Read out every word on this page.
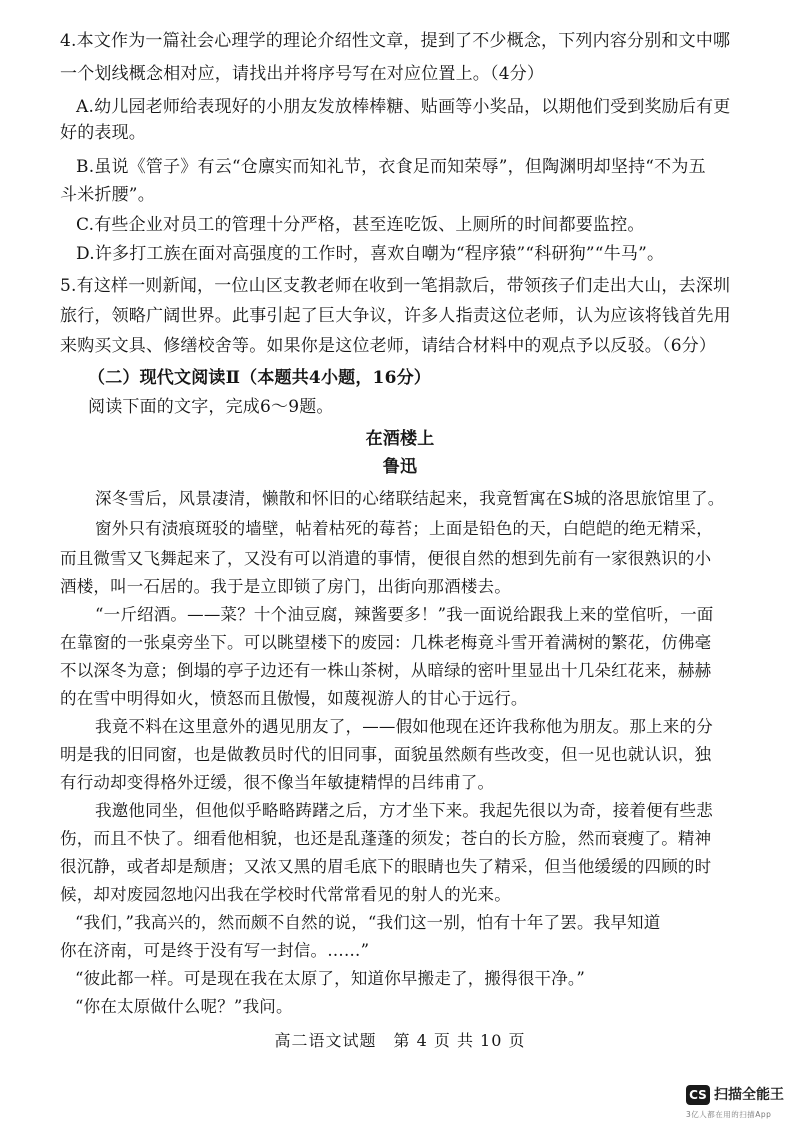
4.本文作为一篇社会心理学的理论介绍性文章，提到了不少概念，下列内容分别和文中哪
一个划线概念相对应，请找出并将序号写在对应位置上。（4分）
A.幼儿园老师给表现好的小朋友发放棒棒糖、贴画等小奖品，以期他们受到奖励后有更
好的表现。
B.虽说《管子》有云“仓廪实而知礼节，衣食足而知荣辱”，但陶渊明却坚持“不为五
斗米折腰”。
C.有些企业对员工的管理十分严格，甚至连吃饭、上厕所的时间都要监控。
D.许多打工族在面对高强度的工作时，喜欢自嘲为“程序猿”“科研狗”“牛马”。
5.有这样一则新闻，一位山区支教老师在收到一笔捐款后，带领孩子们走出大山，去深圳
旅行，领略广阔世界。此事引起了巨大争议，许多人指责这位老师，认为应该将钱首先用
来购买文具、修缮校舍等。如果你是这位老师，请结合材料中的观点予以反驳。（6分）
（二）现代文阅读Ⅱ（本题共4小题，16分）
阅读下面的文字，完成6～9题。
在酒楼上
鲁迅
深冬雪后，风景凄清，懒散和怀旧的心绪联结起来，我竟暂寓在S城的洛思旅馆里了。
窗外只有渍痕斑驳的墙壁，帖着枯死的莓苔；上面是铅色的天，白皑皑的绝无精采，
而且微雪又飞舞起来了，又没有可以消遣的事情，便很自然的想到先前有一家很熟识的小
酒楼，叫一石居的。我于是立即锁了房门，出街向那酒楼去。
“一斤绍酒。——菜？十个油豆腐，辣酱要多！”我一面说给跟我上来的堂倌听，一面
在靠窗的一张桌旁坐下。可以眺望楼下的废园：几株老梅竟斗雪开着满树的繁花，仿佛毫
不以深冬为意；倒塌的亭子边还有一株山茶树，从暗绿的密叶里显出十几朵红花来，赫赫
的在雪中明得如火，愤怒而且傲慢，如蔑视游人的甘心于远行。
我竟不料在这里意外的遇见朋友了，——假如他现在还许我称他为朋友。那上来的分
明是我的旧同窗，也是做教员时代的旧同事，面貌虽然颇有些改变，但一见也就认识，独
有行动却变得格外迂缓，很不像当年敏捷精悍的吕纬甫了。
我邀他同坐，但他似乎略略踌躇之后，方才坐下来。我起先很以为奇，接着便有些悲
伤，而且不快了。细看他相貌，也还是乱蓬蓬的须发；苍白的长方脸，然而衰瘦了。精神
很沉静，或者却是颓唐；又浓又黑的眉毛底下的眼睛也失了精采，但当他缓缓的四顾的时
候，却对废园忽地闪出我在学校时代常常看见的射人的光来。
“我们，”我高兴的，然而颇不自然的说，“我们这一别，怕有十年了罢。我早知道
你在济南，可是终于没有写一封信。……”
“彼此都一样。可是现在我在太原了，知道你早搬走了，搬得很干净。”
“你在太原做什么呢？”我问。
高二语文试题　第 4 页 共 10 页
CS 扫描全能王
3亿人都在用的扫描App
